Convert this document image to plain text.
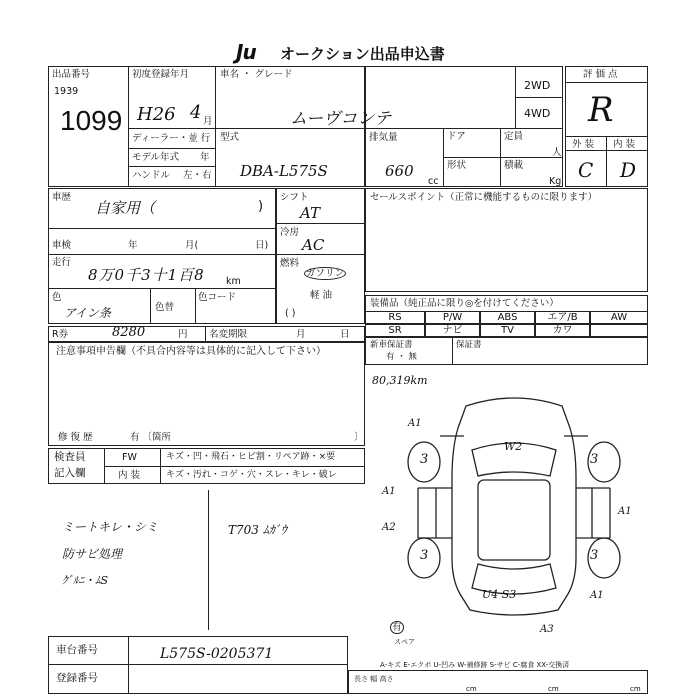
Ju オークション出品申込書
出品番号
1939
1099
初度登録年月
H26 4 月
ディーラー・並 行
モデル年式 年
ハンドル 左・右
車名 ・ グレード
ムーヴコンテ
型式
DBA-L575S
2WD
4WD
排気量
660
cc
ドア	定員
人
形状	積載
Kg
評 価 点
R
外 装 内 装
C D
車歴
自家用（	)
車検	年	月(	日)
走行
8万0千3十1百8 km
色
アイン条	色替
色コード
シフト
AT
冷房
AC
燃料
ガソリン
軽 油
( )
セールスポイント（正常に機能するものに限ります）
装備品（純正品に限り◎を付けてください）
RS	P/W	ABS	エア/B	AW
SR	ナビ	TV	カワ
新車保証書
有 ・ 無
保証書
80,319km
R券	8280	円 名変期限	月	日
注意事項申告欄（不具合内容等は具体的に記入して下さい）
修 復 歴	有 〔箇所	〕
検査員
記入欄
FW	キズ・凹・飛石・ヒビ割・リペア跡・×要
内 装	キズ・汚れ・コゲ・穴・スレ・キレ・破レ
ミートキレ・シミ
防サビ処理
ｸﾞﾙﾆ・ﾑS
T703 ﾑｶﾞｳ
A1
W2
3	3
A1
A1
A2
3	3
U4 S3	A1
A3
有
スペア
車台番号	L575S-0205371
登録番号
A-キズ E-エクボ U-凹み W-補修跡 S-サビ C-腐食 XX-交換済
長さ 幅 高さ
cm	cm	cm
